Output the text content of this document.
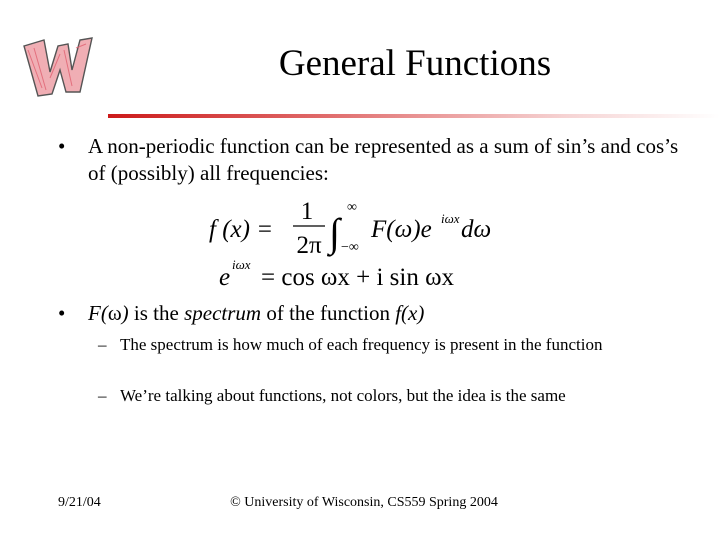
General Functions
•	A non-periodic function can be represented as a sum of sin’s and cos’s of (possibly) all frequencies:
f (x) =
1
2π ∫
∞
−∞
F(ω)e iωx dω
e iωx = cos ωx + i sin ωx
•	F(ω) is the spectrum of the function f(x)
– The spectrum is how much of each frequency is present in the function
– We’re talking about functions, not colors, but the idea is the same
9/21/04	© University of Wisconsin, CS559 Spring 2004
